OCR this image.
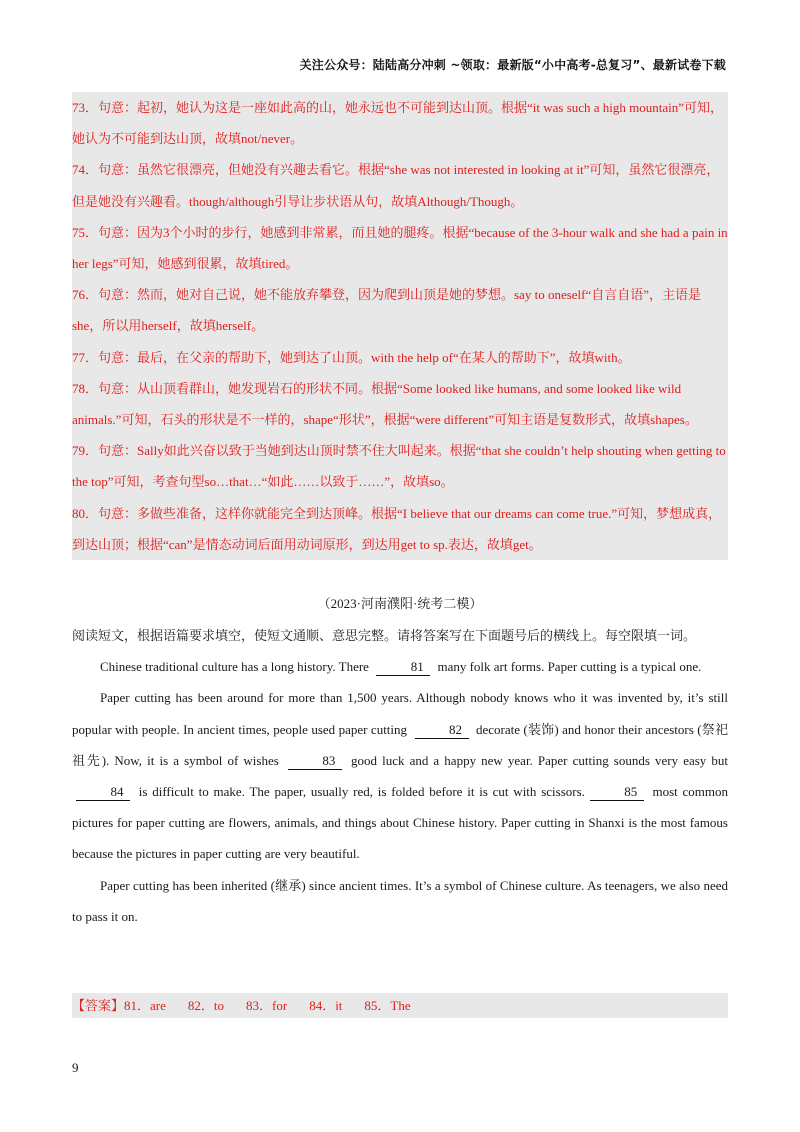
关注公众号：陆陆高分冲刺 ~领取：最新版“小中高考-总复习”、最新试卷下载

73．句意：起初，她认为这是一座如此高的山，她永远也不可能到达山顶。根据“it was such a high mountain”可知，她认为不可能到达山顶，故填not/never。

74．句意：虽然它很漂亮，但她没有兴趣去看它。根据“she was not interested in looking at it”可知，虽然它很漂亮，但是她没有兴趣看。though/although引导让步状语从句，故填Although/Though。

75．句意：因为3个小时的步行，她感到非常累，而且她的腿疼。根据“because of the 3-hour walk and she had a pain in her legs”可知，她感到很累，故填tired。

76．句意：然而，她对自己说，她不能放弃攀登，因为爬到山顶是她的梦想。say to oneself“自言自语”，主语是she，所以用herself，故填herself。

77．句意：最后，在父亲的帮助下，她到达了山顶。with the help of“在某人的帮助下”，故填with。

78．句意：从山顶看群山，她发现岩石的形状不同。根据“Some looked like humans, and some looked like wild animals.”可知，石头的形状是不一样的，shape“形状”，根据“were different”可知主语是复数形式，故填shapes。

79．句意：Sally如此兴奋以致于当她到达山顶时禁不住大叫起来。根据“that she couldn’t help shouting when getting to the top”可知，考查句型so…that…“如此……以致于……”，故填so。

80．句意：多做些准备，这样你就能完全到达顶峰。根据“I believe that our dreams can come true.”可知，梦想成真，到达山顶；根据“can”是情态动词后面用动词原形，到达用get to sp.表达，故填get。

（2023·河南濮阳·统考二模）

阅读短文，根据语篇要求填空，使短文通顺、意思完整。请将答案写在下面题号后的横线上。每空限填一词。

Chinese traditional culture has a long history. There	81 many folk art forms. Paper cutting is a typical one.

Paper cutting has been around for more than 1,500 years. Although nobody knows who it was invented by, it’s still popular with people. In ancient times, people used paper cutting	82 decorate (装饰) and honor their ancestors (祭祀祖先). Now, it is a symbol of wishes	83 good luck and a happy new year. Paper cutting sounds very easy but 84 is difficult to make. The paper, usually red, is folded before it is cut with scissors.	85 most common pictures for paper cutting are flowers, animals, and things about Chinese history. Paper cutting in Shanxi is the most famous because the pictures in paper cutting are very beautiful.

Paper cutting has been inherited (继承) since ancient times. It’s a symbol of Chinese culture. As teenagers, we also need to pass it on.

【答案】81．are 82．to 83．for 84．it 85．The
9
